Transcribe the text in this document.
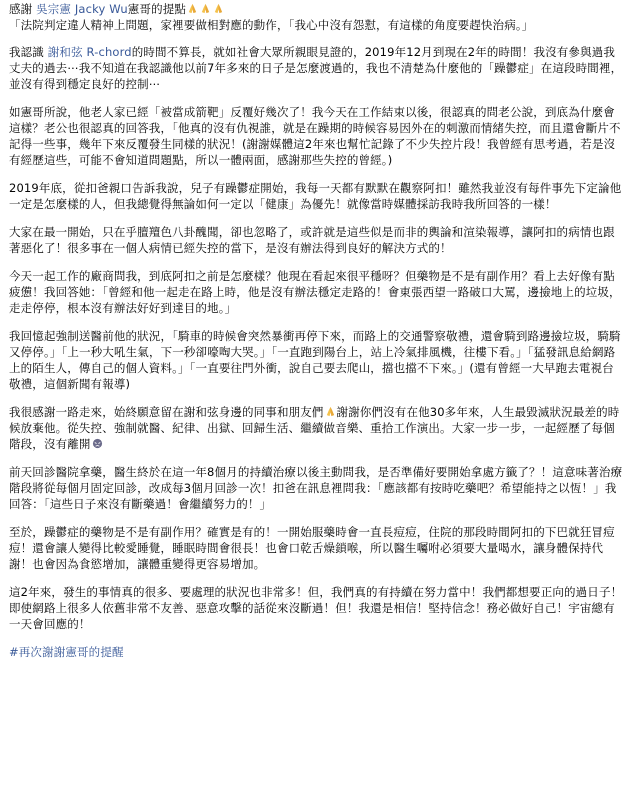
感謝 吳宗憲 Jacky Wu憲哥的提點
「法院判定違人精神上問題，家裡要做相對應的動作，「我心中沒有怨懟，有這樣的角度要趕快治病。」
我認識 謝和弦 R-chord的時間不算長，就如社會大眾所親眼見證的，2019年12月到現在2年的時間！我沒有參與過我丈夫的過去⋯我不知道在我認識他以前7年多來的日子是怎麼渡過的，我也不清楚為什麼他的「躁鬱症」在這段時間裡，並沒有得到穩定良好的控制⋯
如憲哥所說，他老人家已經「被當成箭靶」反覆好幾次了！我今天在工作結束以後，很認真的問老公說，到底為什麼會這樣？老公也很認真的回答我，「他真的沒有仇視誰，就是在躁期的時候容易因外在的刺激而情緒失控，而且還會斷片不記得一些事，幾年下來反覆發生同樣的狀況！(謝謝媒體這2年來也幫忙記錄了不少失控片段！我曾經有思考過，若是沒有經歷這些，可能不會知道問題點，所以一體兩面，感謝那些失控的曾經。)
2019年底，從扣爸親口告訴我說，兒子有躁鬱症開始，我每一天都有默默在觀察阿扣！雖然我並沒有每件事先下定論他一定是怎麼樣的人，但我總覺得無論如何一定以「健康」為優先！就像當時媒體採訪我時我所回答的一樣！
大家在最一開始，只在乎膻羶色八卦醜聞，卻也忽略了，或許就是這些似是而非的輿論和渲染報導，讓阿扣的病情也跟著惡化了！很多事在一個人病情已經失控的當下，是沒有辦法得到良好的解決方式的！
今天一起工作的廠商問我，到底阿扣之前是怎麼樣？他現在看起來很平穩呀？但藥物是不是有副作用？看上去好像有點疲憊！我回答她：「曾經和他一起走在路上時，他是沒有辦法穩定走路的！會東張西望一路破口大罵，邊撿地上的垃圾，走走停停，根本沒有辦法好好到達目的地。」
我回憶起強制送醫前他的狀況，「騎車的時候會突然暴衝再停下來，而路上的交通警察敬禮，還會騎到路邊撿垃圾，騎騎又停停。」「上一秒大吼生氣，下一秒卻嚎啕大哭。」「一直跑到陽台上，站上冷氣排風機，往樓下看。」「猛發訊息給網路上的陌生人，傳自己的個人資料。」「一直要往門外衝，說自己要去爬山，擋也擋不下來。」(還有曾經一大早跑去電視台敬禮，這個新聞有報導)
我很感謝一路走來，始終願意留在謝和弦身邊的同事和朋友們 謝謝你們沒有在他30多年來，人生最毀滅狀況最差的時候放棄他。從失控、強制就醫、紀律、出獄、回歸生活、繼續做音樂、重拾工作演出。大家一步一步，一起經歷了每個階段，沒有離開
前天回診醫院拿藥，醫生終於在這一年8個月的持續治療以後主動問我，是否準備好要開始拿處方籤了？！這意味著治療階段將從每個月固定回診，改成每3個月回診一次！扣爸在訊息裡問我：「應該都有按時吃藥吧？希望能持之以恆！」我回答：「這些日子來沒有斷藥過！會繼續努力的！」
至於，躁鬱症的藥物是不是有副作用？確實是有的！一開始服藥時會一直長痘痘，住院的那段時間阿扣的下巴就狂冒痘痘！還會讓人變得比較愛睡覺，睡眠時間會很長！也會口乾舌燥鎖喉，所以醫生囑咐必須要大量喝水，讓身體保持代謝！也會因為食慾增加，讓體重變得更容易增加。
這2年來，發生的事情真的很多、要處理的狀況也非常多！但，我們真的有持續在努力當中！我們都想要正向的過日子！即使網路上很多人依舊非常不友善、惡意攻擊的話從來沒斷過！但！我還是相信！堅持信念！務必做好自己！宇宙總有一天會回應的！
#再次謝謝憲哥的提醒
